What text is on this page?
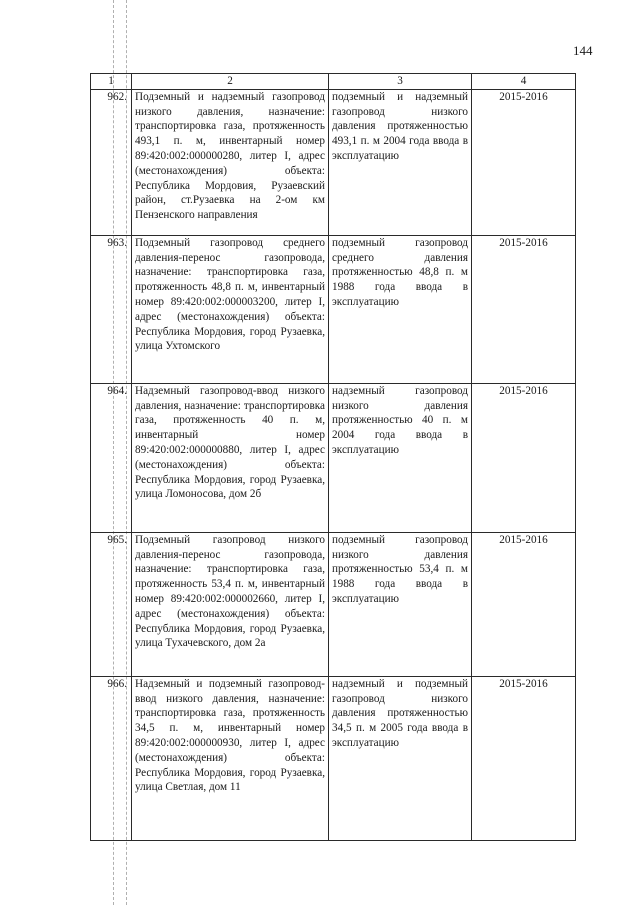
144
1	2	3	4
962.	Подземный и надземный газопровод низкого давления, назначение: транспортировка газа, протяженность 493,1 п. м, инвентарный номер 89:420:002:000000280, литер I, адрес (местонахождения) объекта: Республика Мордовия, Рузаевский район, ст.Рузаевка на 2-ом км Пензенского направления	подземный и надземный газопровод низкого давления протяженностью 493,1 п. м 2004 года ввода в эксплуатацию	2015-2016
963.	Подземный газопровод среднего давления-перенос газопровода, назначение: транспортировка газа, протяженность 48,8 п. м, инвентарный номер 89:420:002:000003200, литер I, адрес (местонахождения) объекта: Республика Мордовия, город Рузаевка, улица Ухтомского	подземный газопровод среднего давления протяженностью 48,8 п. м 1988 года ввода в эксплуатацию	2015-2016
964.	Надземный газопровод-ввод низкого давления, назначение: транспортировка газа, протяженность 40 п. м, инвентарный номер 89:420:002:000000880, литер I, адрес (местонахождения) объекта: Республика Мордовия, город Рузаевка, улица Ломоносова, дом 2б	надземный газопровод низкого давления протяженностью 40 п. м 2004 года ввода в эксплуатацию	2015-2016
965.	Подземный газопровод низкого давления-перенос газопровода, назначение: транспортировка газа, протяженность 53,4 п. м, инвентарный номер 89:420:002:000002660, литер I, адрес (местонахождения) объекта: Республика Мордовия, город Рузаевка, улица Тухачевского, дом 2а	подземный газопровод низкого давления протяженностью 53,4 п. м 1988 года ввода в эксплуатацию	2015-2016
966.	Надземный и подземный газопровод-ввод низкого давления, назначение: транспортировка газа, протяженность 34,5 п. м, инвентарный номер 89:420:002:000000930, литер I, адрес (местонахождения) объекта: Республика Мордовия, город Рузаевка, улица Светлая, дом 11	надземный и подземный газопровод низкого давления протяженностью 34,5 п. м 2005 года ввода в эксплуатацию	2015-2016
